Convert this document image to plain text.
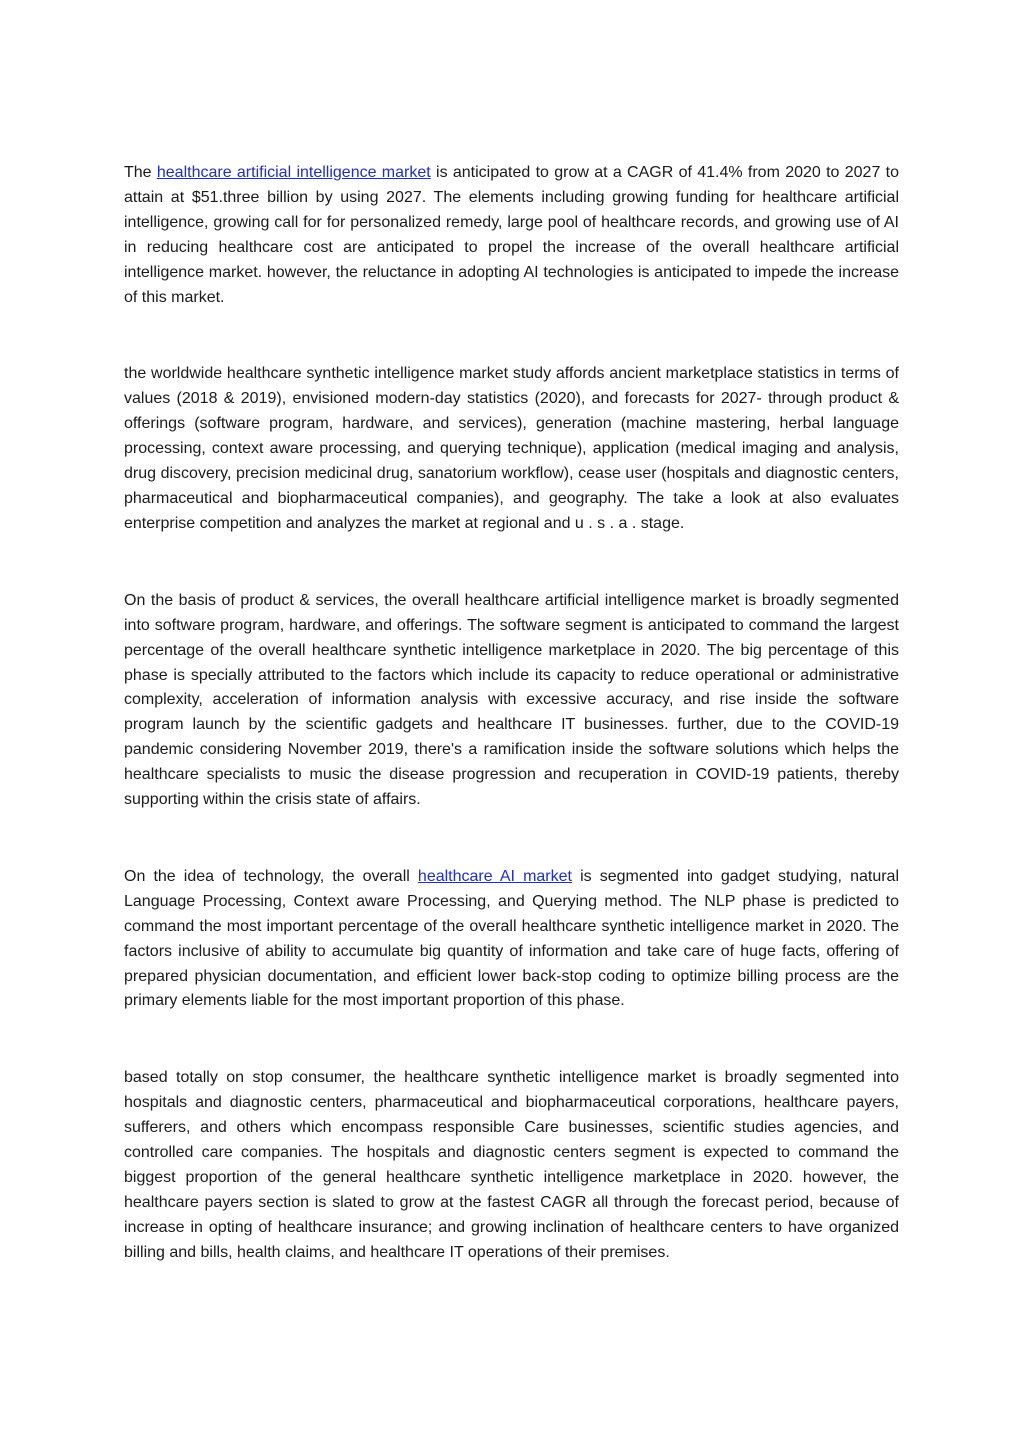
The healthcare artificial intelligence market is anticipated to grow at a CAGR of 41.4% from 2020 to 2027 to attain at $51.three billion by using 2027. The elements including growing funding for healthcare artificial intelligence, growing call for for personalized remedy, large pool of healthcare records, and growing use of AI in reducing healthcare cost are anticipated to propel the increase of the overall healthcare artificial intelligence market. however, the reluctance in adopting AI technologies is anticipated to impede the increase of this market.

the worldwide healthcare synthetic intelligence market study affords ancient marketplace statistics in terms of values (2018 & 2019), envisioned modern-day statistics (2020), and forecasts for 2027- through product & offerings (software program, hardware, and services), generation (machine mastering, herbal language processing, context aware processing, and querying technique), application (medical imaging and analysis, drug discovery, precision medicinal drug, sanatorium workflow), cease user (hospitals and diagnostic centers, pharmaceutical and biopharmaceutical companies), and geography. The take a look at also evaluates enterprise competition and analyzes the market at regional and u . s . a . stage.

On the basis of product & services, the overall healthcare artificial intelligence market is broadly segmented into software program, hardware, and offerings. The software segment is anticipated to command the largest percentage of the overall healthcare synthetic intelligence marketplace in 2020. The big percentage of this phase is specially attributed to the factors which include its capacity to reduce operational or administrative complexity, acceleration of information analysis with excessive accuracy, and rise inside the software program launch by the scientific gadgets and healthcare IT businesses. further, due to the COVID-19 pandemic considering November 2019, there's a ramification inside the software solutions which helps the healthcare specialists to music the disease progression and recuperation in COVID-19 patients, thereby supporting within the crisis state of affairs.

On the idea of technology, the overall healthcare AI market is segmented into gadget studying, natural Language Processing, Context aware Processing, and Querying method. The NLP phase is predicted to command the most important percentage of the overall healthcare synthetic intelligence market in 2020. The factors inclusive of ability to accumulate big quantity of information and take care of huge facts, offering of prepared physician documentation, and efficient lower back-stop coding to optimize billing process are the primary elements liable for the most important proportion of this phase.

based totally on stop consumer, the healthcare synthetic intelligence market is broadly segmented into hospitals and diagnostic centers, pharmaceutical and biopharmaceutical corporations, healthcare payers, sufferers, and others which encompass responsible Care businesses, scientific studies agencies, and controlled care companies. The hospitals and diagnostic centers segment is expected to command the biggest proportion of the general healthcare synthetic intelligence marketplace in 2020. however, the healthcare payers section is slated to grow at the fastest CAGR all through the forecast period, because of increase in opting of healthcare insurance; and growing inclination of healthcare centers to have organized billing and bills, health claims, and healthcare IT operations of their premises.
